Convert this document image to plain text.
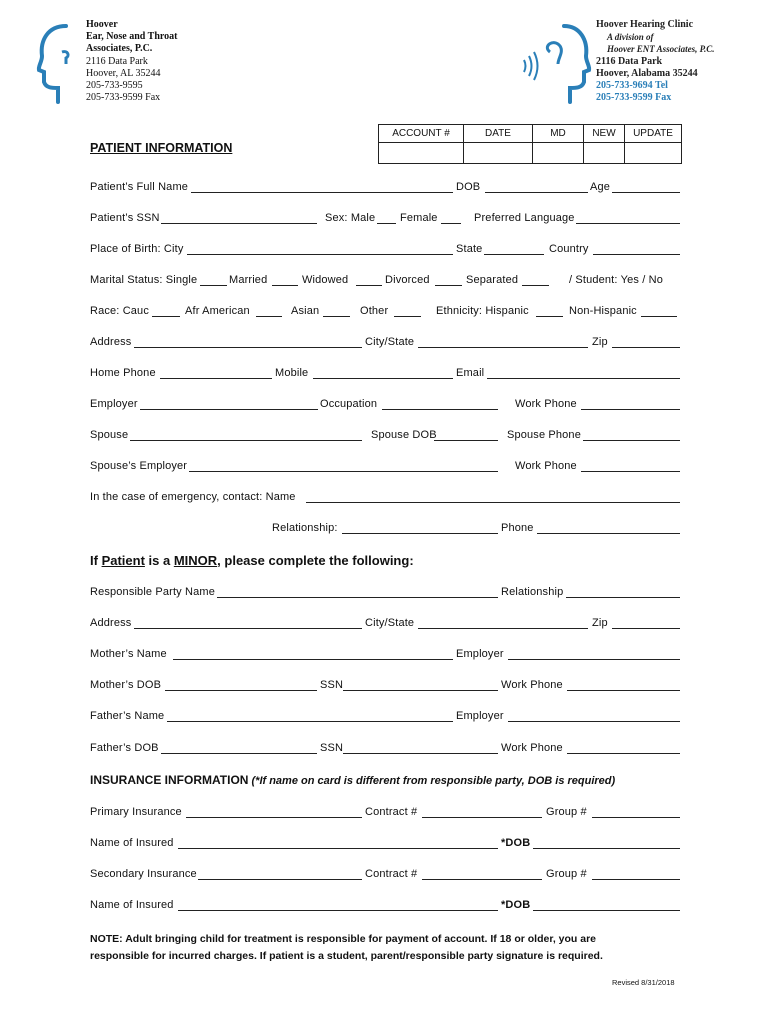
Hoover
Ear, Nose and Throat
Associates, P.C.
2116 Data Park
Hoover, AL 35244
205-733-9595
205-733-9599 Fax
Hoover Hearing Clinic
A division of
Hoover ENT Associates, P.C.
2116 Data Park
Hoover, Alabama 35244
205-733-9694 Tel
205-733-9599 Fax
ACCOUNT #	DATE	MD	NEW	UPDATE

PATIENT INFORMATION
Patient’s Full Name	DOB	Age
Patient’s SSN	Sex: Male Female	Preferred Language
Place of Birth: City	State	Country
Marital Status: Single	Married	Widowed	Divorced	Separated	/ Student: Yes / No
Race: Cauc	Afr American	Asian	Other	Ethnicity: Hispanic	Non-Hispanic
Address	City/State	Zip
Home Phone	Mobile	Email
Employer	Occupation	Work Phone
Spouse	Spouse DOB	Spouse Phone
Spouse’s Employer	Work Phone
In the case of emergency, contact: Name
Relationship:	Phone
If Patient is a MINOR, please complete the following:
Responsible Party Name	Relationship
Address	City/State	Zip
Mother’s Name	Employer
Mother’s DOB	SSN	Work Phone
Father’s Name	Employer
Father’s DOB	SSN	Work Phone
INSURANCE INFORMATION (*If name on card is different from responsible party, DOB is required)
Primary Insurance	Contract #	Group #
Name of Insured	*DOB
Secondary Insurance	Contract #	Group #
Name of Insured	*DOB
NOTE: Adult bringing child for treatment is responsible for payment of account. If 18 or older, you are
responsible for incurred charges. If patient is a student, parent/responsible party signature is required.
Revised 8/31/2018
